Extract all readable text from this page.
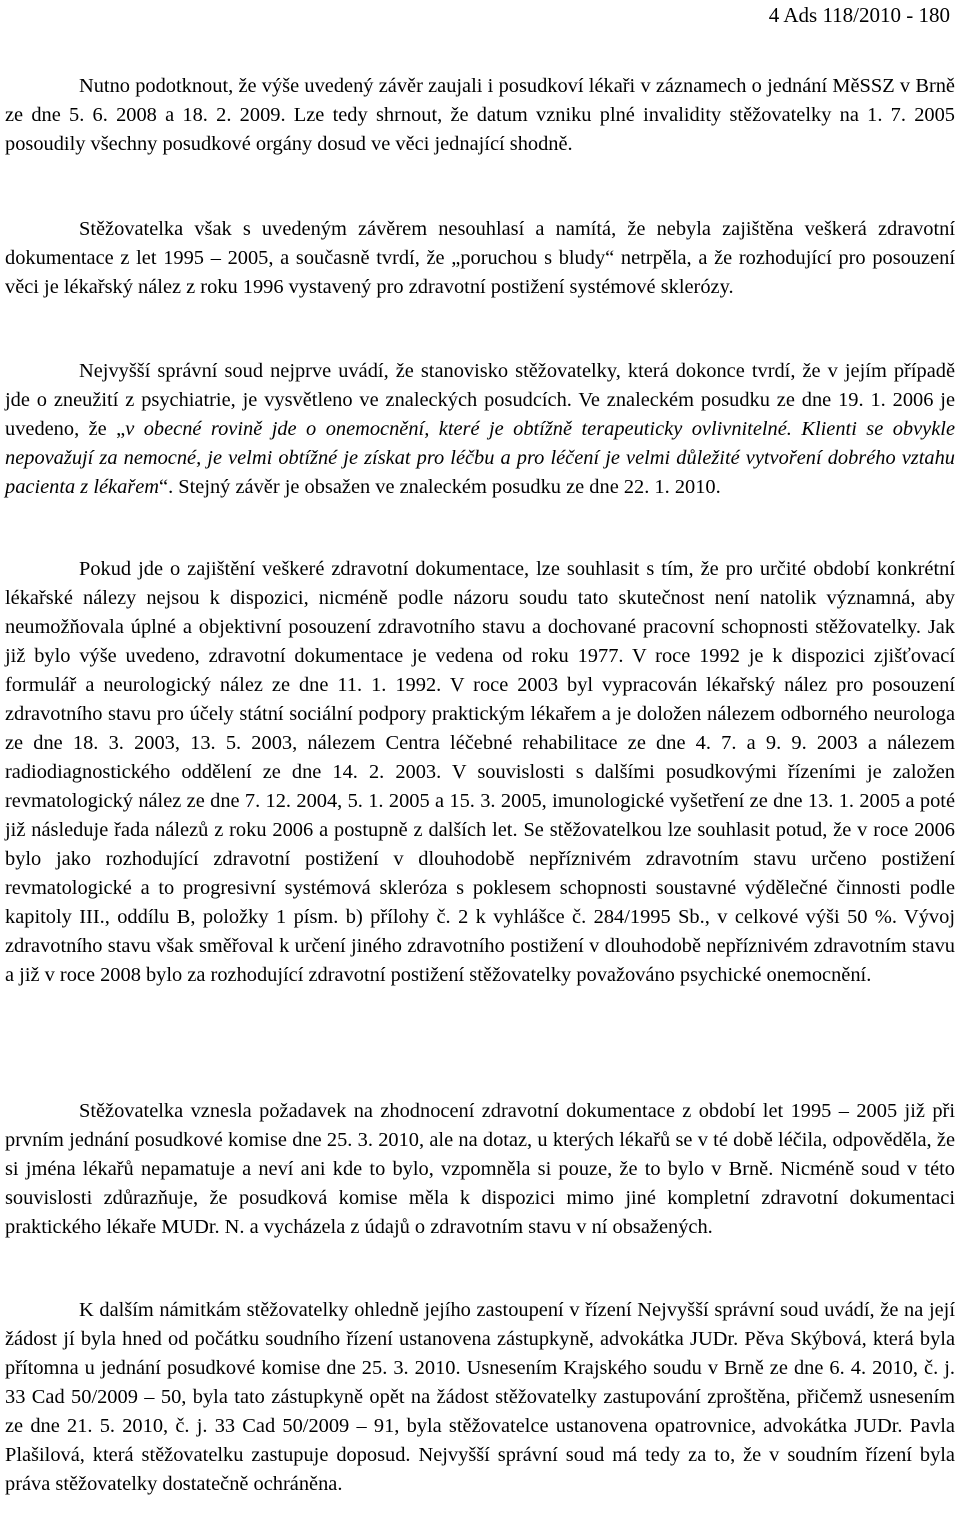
4 Ads 118/2010 - 180

Nutno podotknout, že výše uvedený závěr zaujali i posudkoví lékaři v záznamech o jednání MěSSZ v Brně ze dne 5. 6. 2008 a 18. 2. 2009. Lze tedy shrnout, že datum vzniku plné invalidity stěžovatelky na 1. 7. 2005 posoudily všechny posudkové orgány dosud ve věci jednající shodně.

Stěžovatelka však s uvedeným závěrem nesouhlasí a namítá, že nebyla zajištěna veškerá zdravotní dokumentace z let 1995 – 2005, a současně tvrdí, že „poruchou s bludy“ netrpěla, a že rozhodující pro posouzení věci je lékařský nález z roku 1996 vystavený pro zdravotní postižení systémové sklerózy.

Nejvyšší správní soud nejprve uvádí, že stanovisko stěžovatelky, která dokonce tvrdí, že v jejím případě jde o zneužití z psychiatrie, je vysvětleno ve znaleckých posudcích. Ve znaleckém posudku ze dne 19. 1. 2006 je uvedeno, že „v obecné rovině jde o onemocnění, které je obtížně terapeuticky ovlivnitelné. Klienti se obvykle nepovažují za nemocné, je velmi obtížné je získat pro léčbu a pro léčení je velmi důležité vytvoření dobrého vztahu pacienta z lékařem“. Stejný závěr je obsažen ve znaleckém posudku ze dne 22. 1. 2010.

Pokud jde o zajištění veškeré zdravotní dokumentace, lze souhlasit s tím, že pro určité období konkrétní lékařské nálezy nejsou k dispozici, nicméně podle názoru soudu tato skutečnost není natolik významná, aby neumožňovala úplné a objektivní posouzení zdravotního stavu a dochované pracovní schopnosti stěžovatelky. Jak již bylo výše uvedeno, zdravotní dokumentace je vedena od roku 1977. V roce 1992 je k dispozici zjišťovací formulář a neurologický nález ze dne 11. 1. 1992. V roce 2003 byl vypracován lékařský nález pro posouzení zdravotního stavu pro účely státní sociální podpory praktickým lékařem a je doložen nálezem odborného neurologa ze dne 18. 3. 2003, 13. 5. 2003, nálezem Centra léčebné rehabilitace ze dne 4. 7. a 9. 9. 2003 a nálezem radiodiagnostického oddělení ze dne 14. 2. 2003. V souvislosti s dalšími posudkovými řízeními je založen revmatologický nález ze dne 7. 12. 2004, 5. 1. 2005 a 15. 3. 2005, imunologické vyšetření ze dne 13. 1. 2005 a poté již následuje řada nálezů z roku 2006 a postupně z dalších let. Se stěžovatelkou lze souhlasit potud, že v roce 2006 bylo jako rozhodující zdravotní postižení v dlouhodobě nepříznivém zdravotním stavu určeno postižení revmatologické a to progresivní systémová skleróza s poklesem schopnosti soustavné výdělečné činnosti podle kapitoly III., oddílu B, položky 1 písm. b) přílohy č. 2 k vyhlášce č. 284/1995 Sb., v celkové výši 50 %. Vývoj zdravotního stavu však směřoval k určení jiného zdravotního postižení v dlouhodobě nepříznivém zdravotním stavu a již v roce 2008 bylo za rozhodující zdravotní postižení stěžovatelky považováno psychické onemocnění.

Stěžovatelka vznesla požadavek na zhodnocení zdravotní dokumentace z období let 1995 – 2005 již při prvním jednání posudkové komise dne 25. 3. 2010, ale na dotaz, u kterých lékařů se v té době léčila, odpověděla, že si jména lékařů nepamatuje a neví ani kde to bylo, vzpomněla si pouze, že to bylo v Brně. Nicméně soud v této souvislosti zdůrazňuje, že posudková komise měla k dispozici mimo jiné kompletní zdravotní dokumentaci praktického lékaře MUDr. N. a vycházela z údajů o zdravotním stavu v ní obsažených.

K dalším námitkám stěžovatelky ohledně jejího zastoupení v řízení Nejvyšší správní soud uvádí, že na její žádost jí byla hned od počátku soudního řízení ustanovena zástupkyně, advokátka JUDr. Pěva Skýbová, která byla přítomna u jednání posudkové komise dne 25. 3. 2010. Usnesením Krajského soudu v Brně ze dne 6. 4. 2010, č. j. 33 Cad 50/2009 – 50, byla tato zástupkyně opět na žádost stěžovatelky zastupování zproštěna, přičemž usnesením ze dne 21. 5. 2010, č. j. 33 Cad 50/2009 – 91, byla stěžovatelce ustanovena opatrovnice, advokátka JUDr. Pavla Plašilová, která stěžovatelku zastupuje doposud. Nejvyšší správní soud má tedy za to, že v soudním řízení byla práva stěžovatelky dostatečně ochráněna.
